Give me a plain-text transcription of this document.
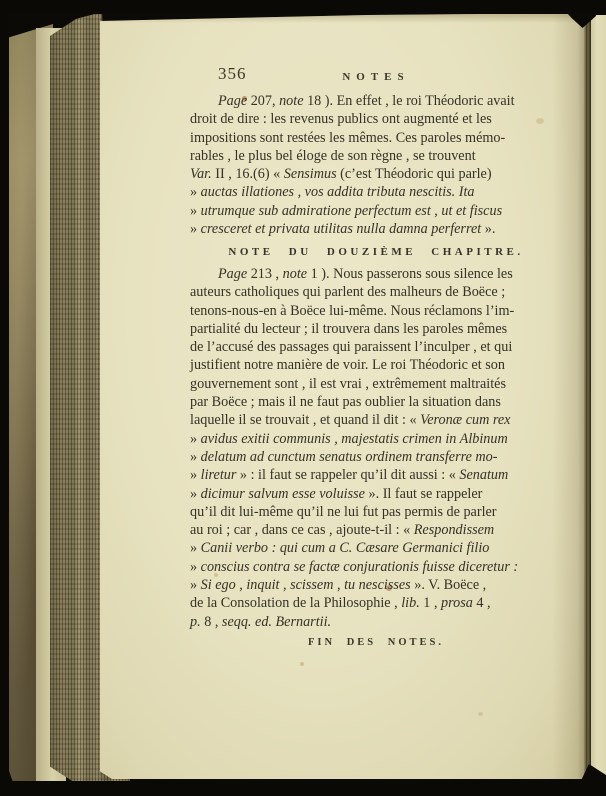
356	NOTES
Page 207, note 18 ). En effet , le roi Théodoric avait
droit de dire : les revenus publics ont augmenté et les
impositions sont restées les mêmes. Ces paroles mémo-
rables , le plus bel éloge de son règne , se trouvent
Var. II , 16.(6) « Sensimus (c’est Théodoric qui parle)
» auctas illationes , vos addita tributa nescitis. Ita
» utrumque sub admiratione perfectum est , ut et fiscus
» cresceret et privata utilitas nulla damna perferret ».
NOTE DU DOUZIÈME CHAPITRE.
Page 213 , note 1 ). Nous passerons sous silence les
auteurs catholiques qui parlent des malheurs de Boëce ;
tenons-nous-en à Boëce lui-même. Nous réclamons l’im-
partialité du lecteur ; il trouvera dans les paroles mêmes
de l’accusé des passages qui paraissent l’inculper , et qui
justifient notre manière de voir. Le roi Théodoric et son
gouvernement sont , il est vrai , extrêmement maltraités
par Boëce ; mais il ne faut pas oublier la situation dans
laquelle il se trouvait , et quand il dit : « Veronæ cum rex
» avidus exitii communis , majestatis crimen in Albinum
» delatum ad cunctum senatus ordinem transferre mo-
» liretur » : il faut se rappeler qu’il dit aussi : « Senatum
» dicimur salvum esse voluisse ». Il faut se rappeler
qu’il dit lui-même qu’il ne lui fut pas permis de parler
au roi ; car , dans ce cas , ajoute-t-il : « Respondissem
» Canii verbo : qui cum a C. Cæsare Germanici filio
» conscius contra se factæ conjurationis fuisse diceretur :
» Si ego , inquit , scissem , tu nescisses ». V. Boëce ,
de la Consolation de la Philosophie , lib. 1 , prosa 4 ,
p. 8 , seqq. ed. Bernartii.
FIN DES NOTES.
